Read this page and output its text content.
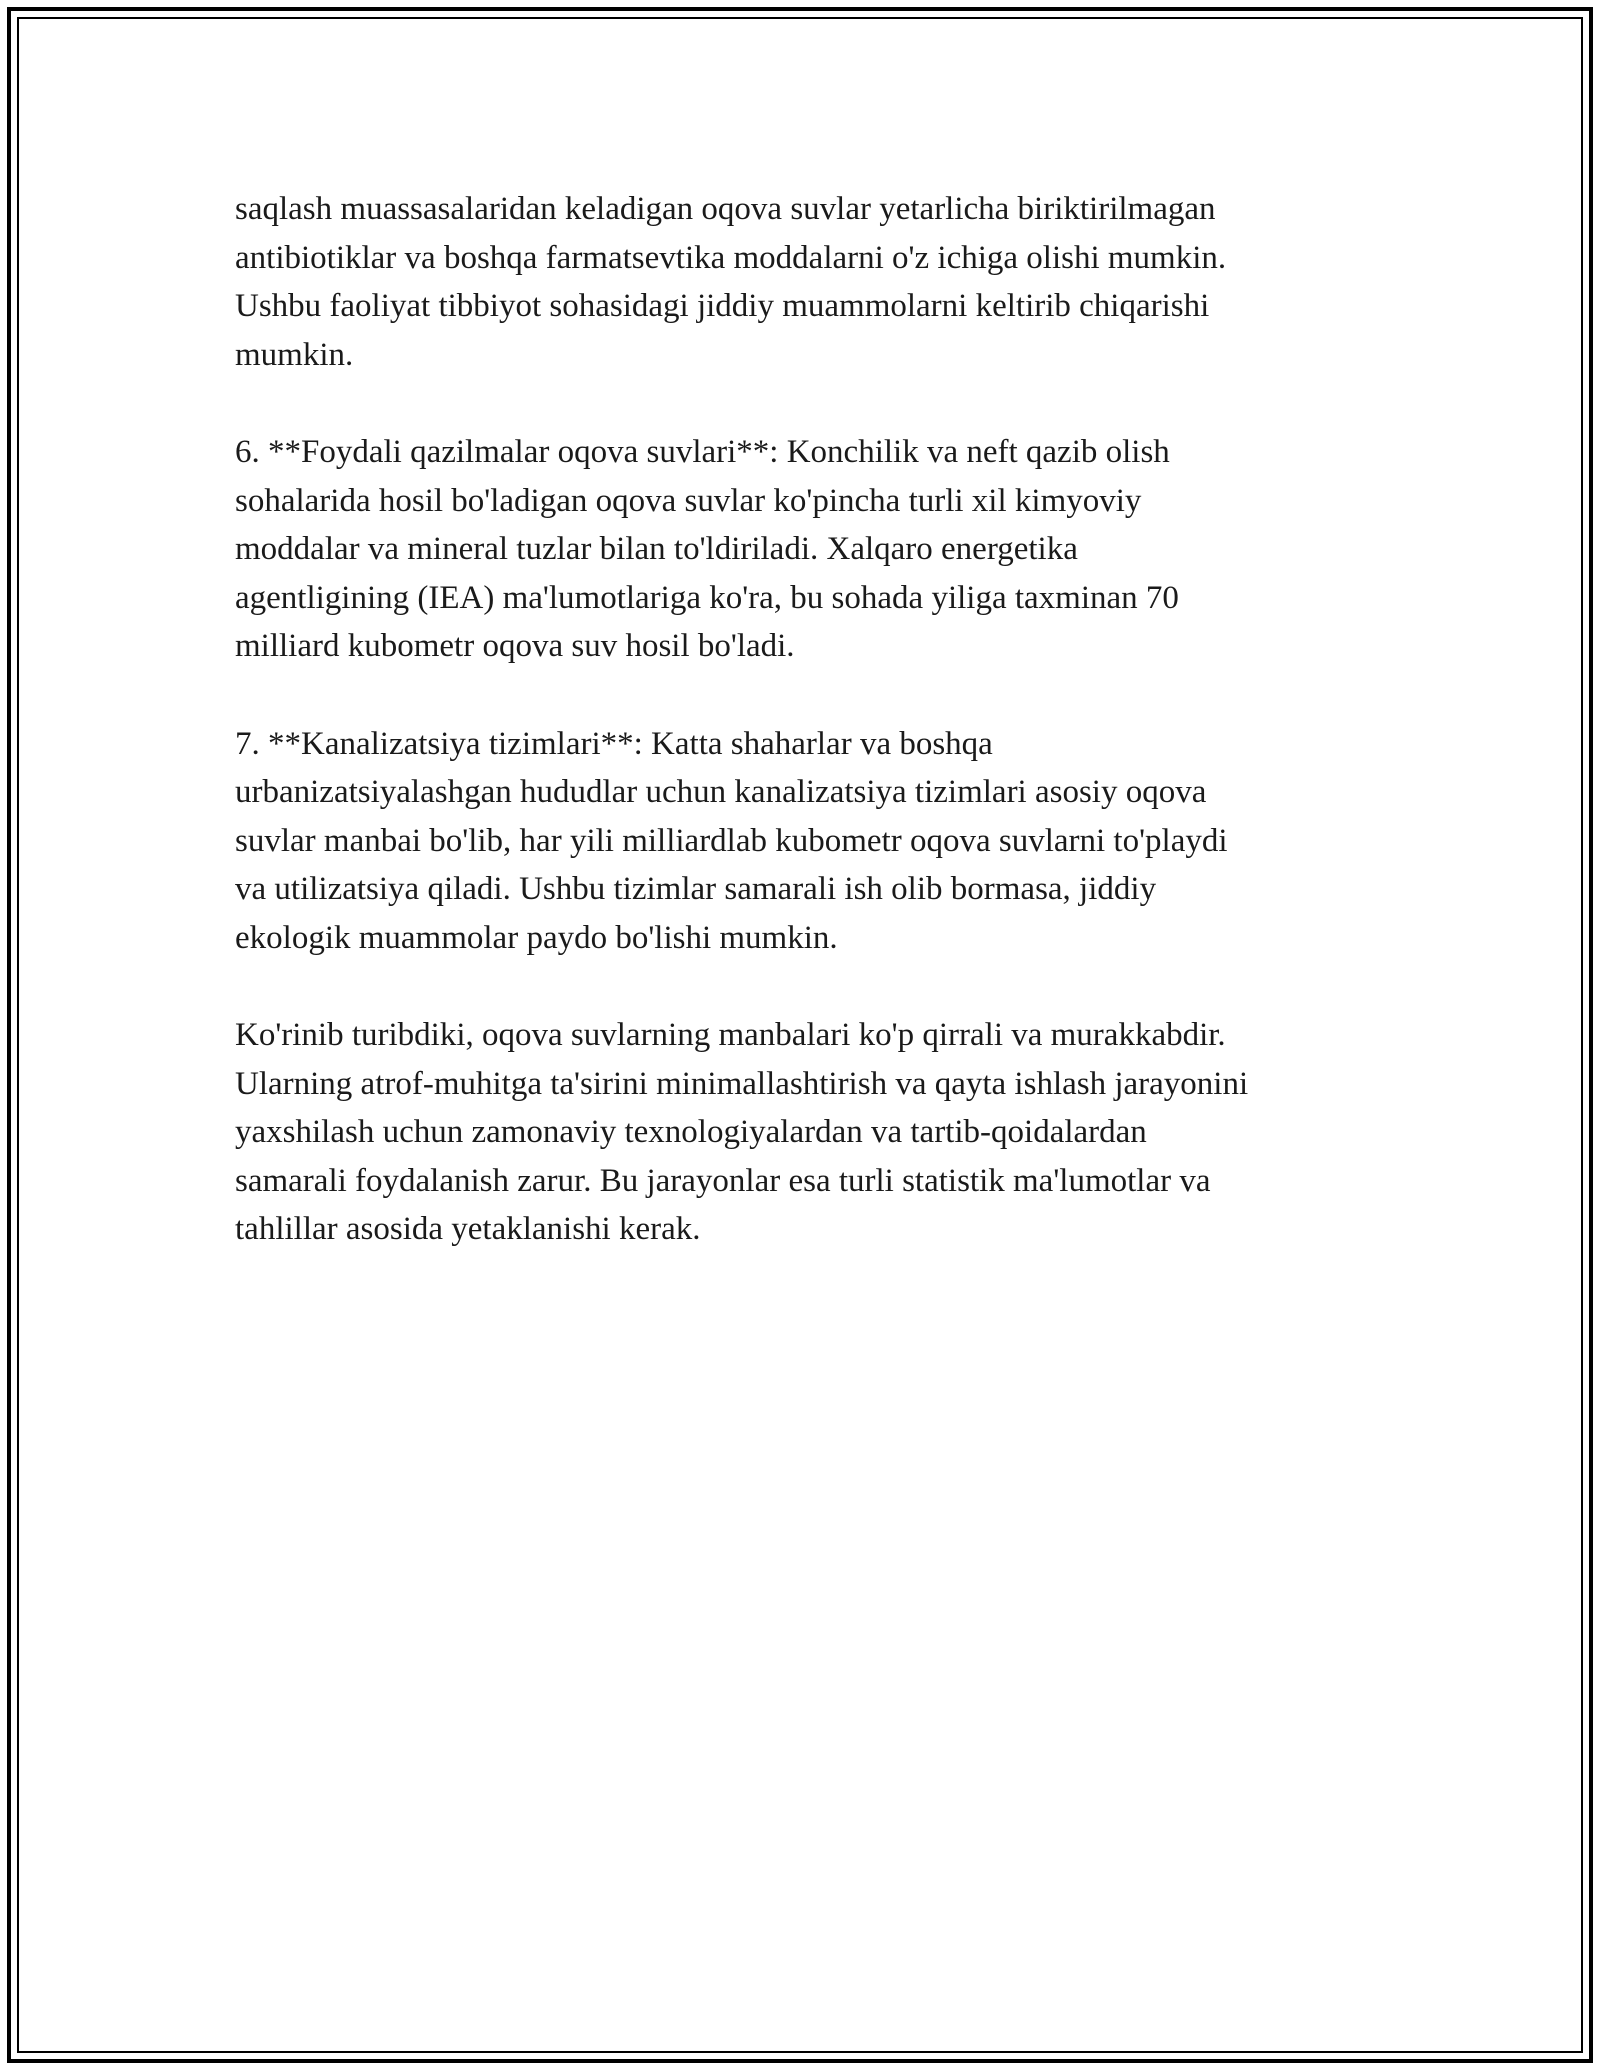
saqlash muassasalaridan keladigan oqova suvlar yetarlicha biriktirilmagan
antibiotiklar va boshqa farmatsevtika moddalarni o'z ichiga olishi mumkin.
Ushbu faoliyat tibbiyot sohasidagi jiddiy muammolarni keltirib chiqarishi
mumkin.

6. **Foydali qazilmalar oqova suvlari**: Konchilik va neft qazib olish
sohalarida hosil bo'ladigan oqova suvlar ko'pincha turli xil kimyoviy
moddalar va mineral tuzlar bilan to'ldiriladi. Xalqaro energetika
agentligining (IEA) ma'lumotlariga ko'ra, bu sohada yiliga taxminan 70
milliard kubometr oqova suv hosil bo'ladi.

7. **Kanalizatsiya tizimlari**: Katta shaharlar va boshqa
urbanizatsiyalashgan hududlar uchun kanalizatsiya tizimlari asosiy oqova
suvlar manbai bo'lib, har yili milliardlab kubometr oqova suvlarni to'playdi
va utilizatsiya qiladi. Ushbu tizimlar samarali ish olib bormasa, jiddiy
ekologik muammolar paydo bo'lishi mumkin.

Ko'rinib turibdiki, oqova suvlarning manbalari ko'p qirrali va murakkabdir.
Ularning atrof-muhitga ta'sirini minimallashtirish va qayta ishlash jarayonini
yaxshilash uchun zamonaviy texnologiyalardan va tartib-qoidalardan
samarali foydalanish zarur. Bu jarayonlar esa turli statistik ma'lumotlar va
tahlillar asosida yetaklanishi kerak.
